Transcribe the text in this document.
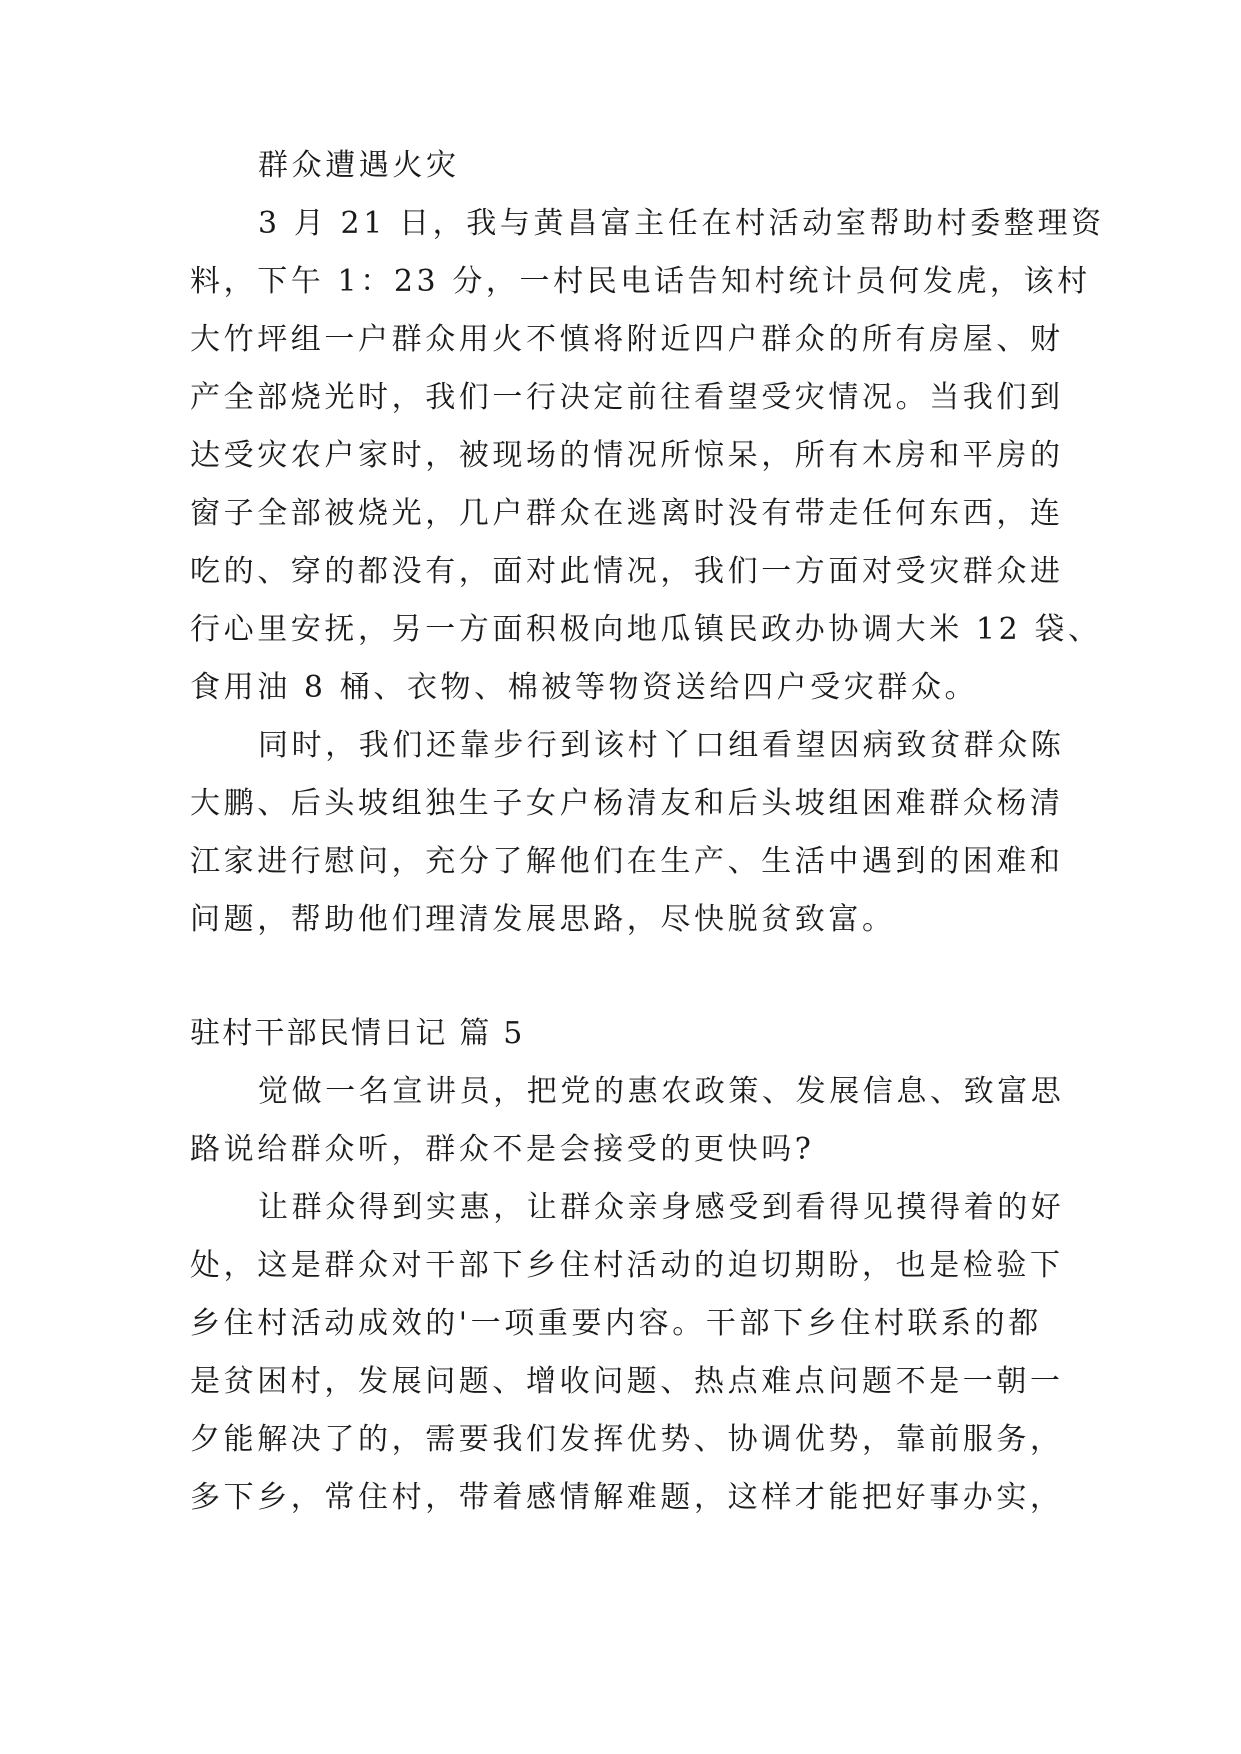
群众遭遇火灾
3 月 21 日，我与黄昌富主任在村活动室帮助村委整理资
料，下午 1：23 分，一村民电话告知村统计员何发虎，该村
大竹坪组一户群众用火不慎将附近四户群众的所有房屋、财
产全部烧光时，我们一行决定前往看望受灾情况。当我们到
达受灾农户家时，被现场的情况所惊呆，所有木房和平房的
窗子全部被烧光，几户群众在逃离时没有带走任何东西，连
吃的、穿的都没有，面对此情况，我们一方面对受灾群众进
行心里安抚，另一方面积极向地瓜镇民政办协调大米 12 袋、
食用油 8 桶、衣物、棉被等物资送给四户受灾群众。
同时，我们还靠步行到该村丫口组看望因病致贫群众陈
大鹏、后头坡组独生子女户杨清友和后头坡组困难群众杨清
江家进行慰问，充分了解他们在生产、生活中遇到的困难和
问题，帮助他们理清发展思路，尽快脱贫致富。
驻村干部民情日记 篇 5
觉做一名宣讲员，把党的惠农政策、发展信息、致富思
路说给群众听，群众不是会接受的更快吗?
让群众得到实惠，让群众亲身感受到看得见摸得着的好
处，这是群众对干部下乡住村活动的迫切期盼，也是检验下
乡住村活动成效的'一项重要内容。干部下乡住村联系的都
是贫困村，发展问题、增收问题、热点难点问题不是一朝一
夕能解决了的，需要我们发挥优势、协调优势，靠前服务，
多下乡，常住村，带着感情解难题，这样才能把好事办实，
